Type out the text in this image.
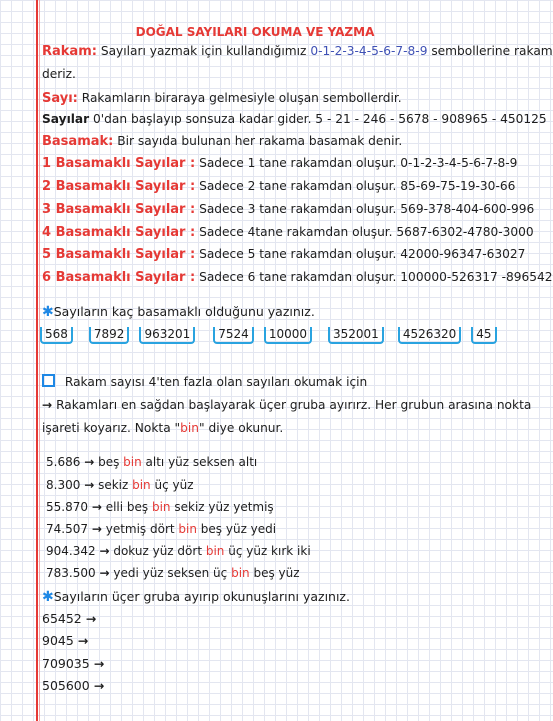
DOĞAL SAYILARI OKUMA VE YAZMA
Rakam: Sayıları yazmak için kullandığımız 0-1-2-3-4-5-6-7-8-9 sembollerine rakam
deriz.
Sayı: Rakamların biraraya gelmesiyle oluşan sembollerdir.
Sayılar 0'dan başlayıp sonsuza kadar gider. 5 - 21 - 246 - 5678 - 908965 - 450125
Basamak: Bir sayıda bulunan her rakama basamak denir.
1 Basamaklı Sayılar : Sadece 1 tane rakamdan oluşur. 0-1-2-3-4-5-6-7-8-9
2 Basamaklı Sayılar : Sadece 2 tane rakamdan oluşur. 85-69-75-19-30-66
3 Basamaklı Sayılar : Sadece 3 tane rakamdan oluşur. 569-378-404-600-996
4 Basamaklı Sayılar : Sadece 4tane rakamdan oluşur. 5687-6302-4780-3000
5 Basamaklı Sayılar : Sadece 5 tane rakamdan oluşur. 42000-96347-63027
6 Basamaklı Sayılar : Sadece 6 tane rakamdan oluşur. 100000-526317 -896542
✱Sayıların kaç basamaklı olduğunu yazınız.
568 7892 963201 7524 10000 352001 4526320 45
Rakam sayısı 4'ten fazla olan sayıları okumak için
→ Rakamları en sağdan başlayarak üçer gruba ayırırz. Her grubun arasına nokta
işareti koyarız. Nokta "bin" diye okunur.
5.686 → beş bin altı yüz seksen altı
8.300 → sekiz bin üç yüz
55.870 → elli beş bin sekiz yüz yetmiş
74.507 → yetmiş dört bin beş yüz yedi
904.342 → dokuz yüz dört bin üç yüz kırk iki
783.500 → yedi yüz seksen üç bin beş yüz
✱Sayıların üçer gruba ayırıp okunuşlarını yazınız.
65452 →
9045 →
709035 →
505600 →
